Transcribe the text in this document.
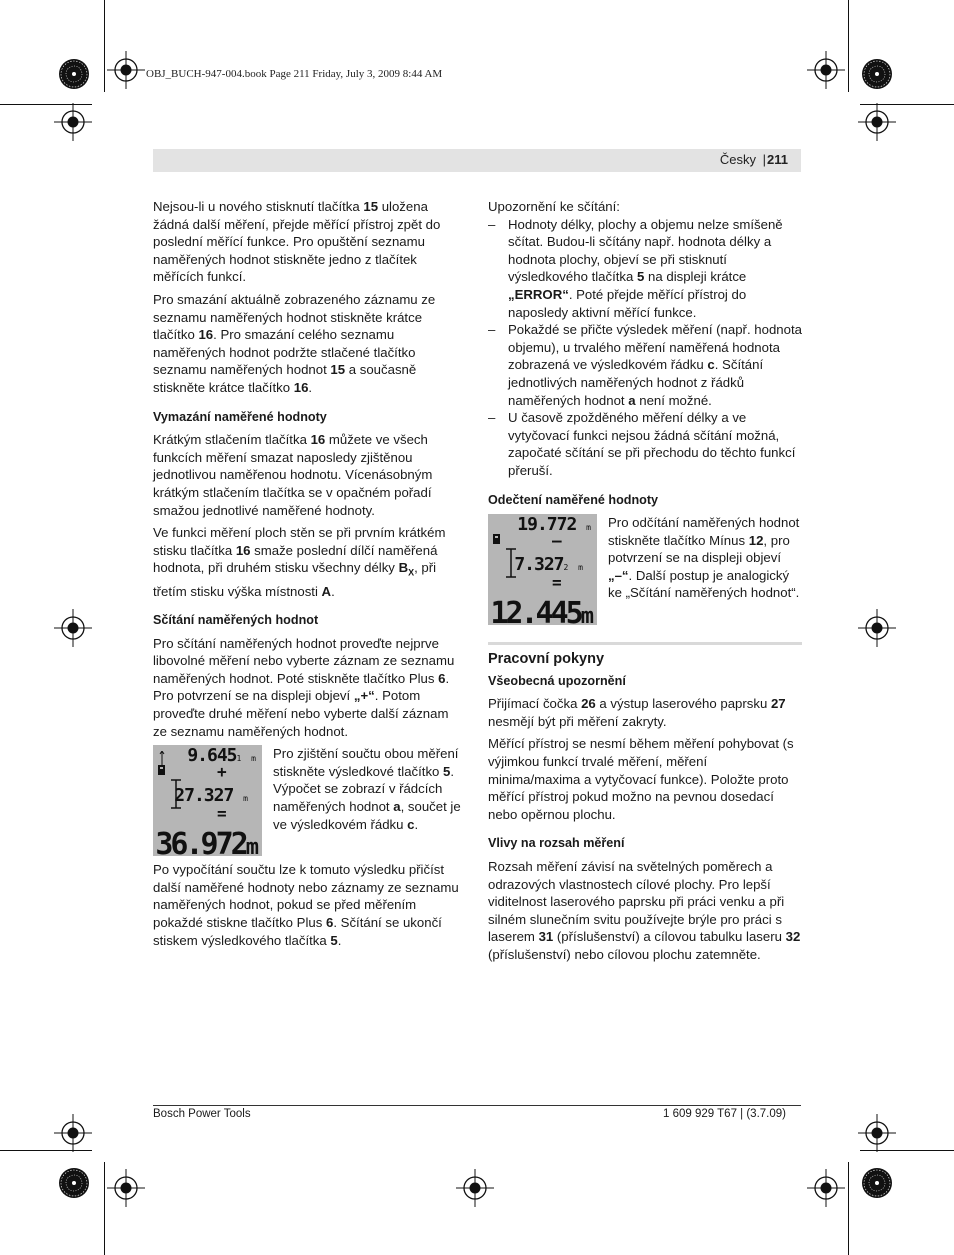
OBJ_BUCH-947-004.book Page 211 Friday, July 3, 2009 8:44 AM
Česky | 211

Nejsou-li u nového stisknutí tlačítka 15 uložena žádná další měření, přejde měřící přístroj zpět do poslední měřící funkce. Pro opuštění seznamu naměřených hodnot stiskněte jedno z tlačítek měřících funkcí.

Pro smazání aktuálně zobrazeného záznamu ze seznamu naměřených hodnot stiskněte krátce tlačítko 16. Pro smazání celého seznamu naměřených hodnot podržte stlačené tlačítko seznamu naměřených hodnot 15 a současně stiskněte krátce tlačítko 16.

Vymazání naměřené hodnoty

Krátkým stlačením tlačítka 16 můžete ve všech funkcích měření smazat naposledy zjištěnou jednotlivou naměřenou hodnotu. Vícenásobným krátkým stlačením tlačítka se v opačném pořadí smažou jednotlivé naměřené hodnoty.

Ve funkci měření ploch stěn se při prvním krátkém stisku tlačítka 16 smaže poslední dílčí naměřená hodnota, při druhém stisku všechny délky $B_X$, při třetím stisku výška místnosti A.

Sčítání naměřených hodnot

Pro sčítání naměřených hodnot proveďte nejprve libovolné měření nebo vyberte záznam ze seznamu naměřených hodnot. Poté stiskněte tlačítko Plus 6. Pro potvrzení se na displeji objeví „+“. Potom proveďte druhé měření nebo vyberte další záznam ze seznamu naměřených hodnot.

9.6451 m
+
27.327 m
=
36.972m
Pro zjištění součtu obou měření stiskněte výsledkové tlačítko 5. Výpočet se zobrazí v řádcích naměřených hodnot a, součet je ve výsledkovém řádku c.

Po vypočítání součtu lze k tomuto výsledku přičíst další naměřené hodnoty nebo záznamy ze seznamu naměřených hodnot, pokud se před měřením pokaždé stiskne tlačítko Plus 6. Sčítání se ukončí stiskem výsledkového tlačítka 5.

Upozornění ke sčítání:

– Hodnoty délky, plochy a objemu nelze smíšeně sčítat. Budou-li sčítány např. hodnota délky a hodnota plochy, objeví se při stisknutí výsledkového tlačítka 5 na displeji krátce „ERROR“. Poté přejde měřící přístroj do naposledy aktivní měřící funkce.
– Pokaždé se přičte výsledek měření (např. hodnota objemu), u trvalého měření naměřená hodnota zobrazená ve výsledkovém řádku c. Sčítání jednotlivých naměřených hodnot z řádků naměřených hodnot a není možné.
– U časově zpožděného měření délky a ve vytyčovací funkci nejsou žádná sčítání možná, započaté sčítání se při přechodu do těchto funkcí přeruší.
Odečtení naměřené hodnoty
19.772 m
–
7.3272 m
=
12.445m
Pro odčítání naměřených hodnot stiskněte tlačítko Mínus 12, pro potvrzení se na displeji objeví „–“. Další postup je analogický ke „Sčítání naměřených hodnot“.
Pracovní pokyny
Všeobecná upozornění

Přijímací čočka 26 a výstup laserového paprsku 27 nesmějí být při měření zakryty.

Měřící přístroj se nesmí během měření pohybovat (s výjimkou funkcí trvalé měření, měření minima/maxima a vytyčovací funkce). Položte proto měřící přístroj pokud možno na pevnou dosedací nebo opěrnou plochu.

Vlivy na rozsah měření

Rozsah měření závisí na světelných poměrech a odrazových vlastnostech cílové plochy. Pro lepší viditelnost laserového paprsku při práci venku a při silném slunečním svitu používejte brýle pro práci s laserem 31 (příslušenství) a cílovou tabulku laseru 32 (příslušenství) nebo cílovou plochu zatemněte.

Bosch Power Tools	1 609 929 T67 | (3.7.09)
